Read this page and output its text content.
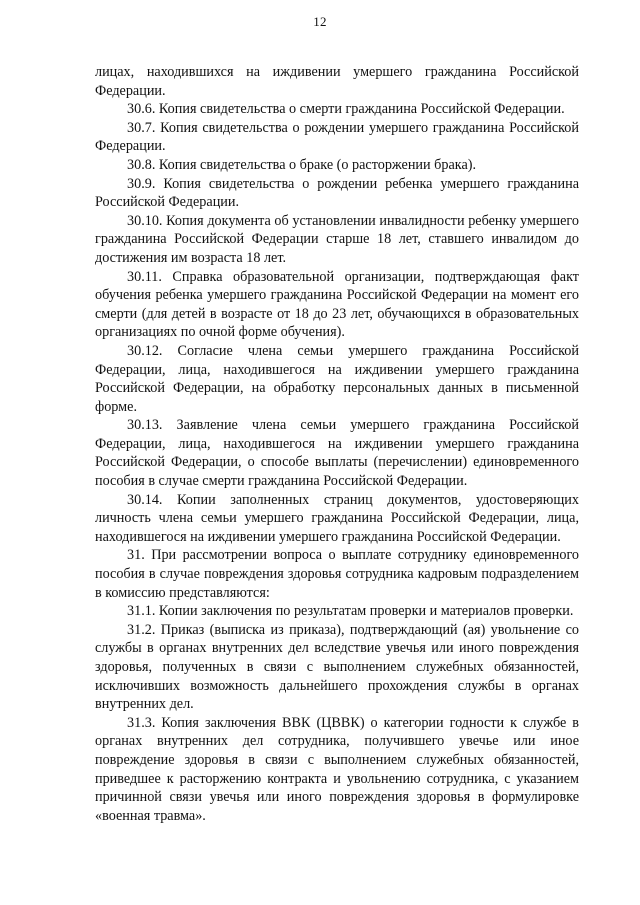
12

лицах, находившихся на иждивении умершего гражданина Российской Федерации.

30.6. Копия свидетельства о смерти гражданина Российской Федерации.

30.7. Копия свидетельства о рождении умершего гражданина Российской Федерации.

30.8. Копия свидетельства о браке (о расторжении брака).

30.9. Копия свидетельства о рождении ребенка умершего гражданина Российской Федерации.

30.10. Копия документа об установлении инвалидности ребенку умершего гражданина Российской Федерации старше 18 лет, ставшего инвалидом до достижения им возраста 18 лет.

30.11. Справка образовательной организации, подтверждающая факт обучения ребенка умершего гражданина Российской Федерации на момент его смерти (для детей в возрасте от 18 до 23 лет, обучающихся в образовательных организациях по очной форме обучения).

30.12. Согласие члена семьи умершего гражданина Российской Федерации, лица, находившегося на иждивении умершего гражданина Российской Федерации, на обработку персональных данных в письменной форме.

30.13. Заявление члена семьи умершего гражданина Российской Федерации, лица, находившегося на иждивении умершего гражданина Российской Федерации, о способе выплаты (перечислении) единовременного пособия в случае смерти гражданина Российской Федерации.

30.14. Копии заполненных страниц документов, удостоверяющих личность члена семьи умершего гражданина Российской Федерации, лица, находившегося на иждивении умершего гражданина Российской Федерации.

31. При рассмотрении вопроса о выплате сотруднику единовременного пособия в случае повреждения здоровья сотрудника кадровым подразделением в комиссию представляются:

31.1. Копии заключения по результатам проверки и материалов проверки.

31.2. Приказ (выписка из приказа), подтверждающий (ая) увольнение со службы в органах внутренних дел вследствие увечья или иного повреждения здоровья, полученных в связи с выполнением служебных обязанностей, исключивших возможность дальнейшего прохождения службы в органах внутренних дел.

31.3. Копия заключения ВВК (ЦВВК) о категории годности к службе в органах внутренних дел сотрудника, получившего увечье или иное повреждение здоровья в связи с выполнением служебных обязанностей, приведшее к расторжению контракта и увольнению сотрудника, с указанием причинной связи увечья или иного повреждения здоровья в формулировке «военная травма».
